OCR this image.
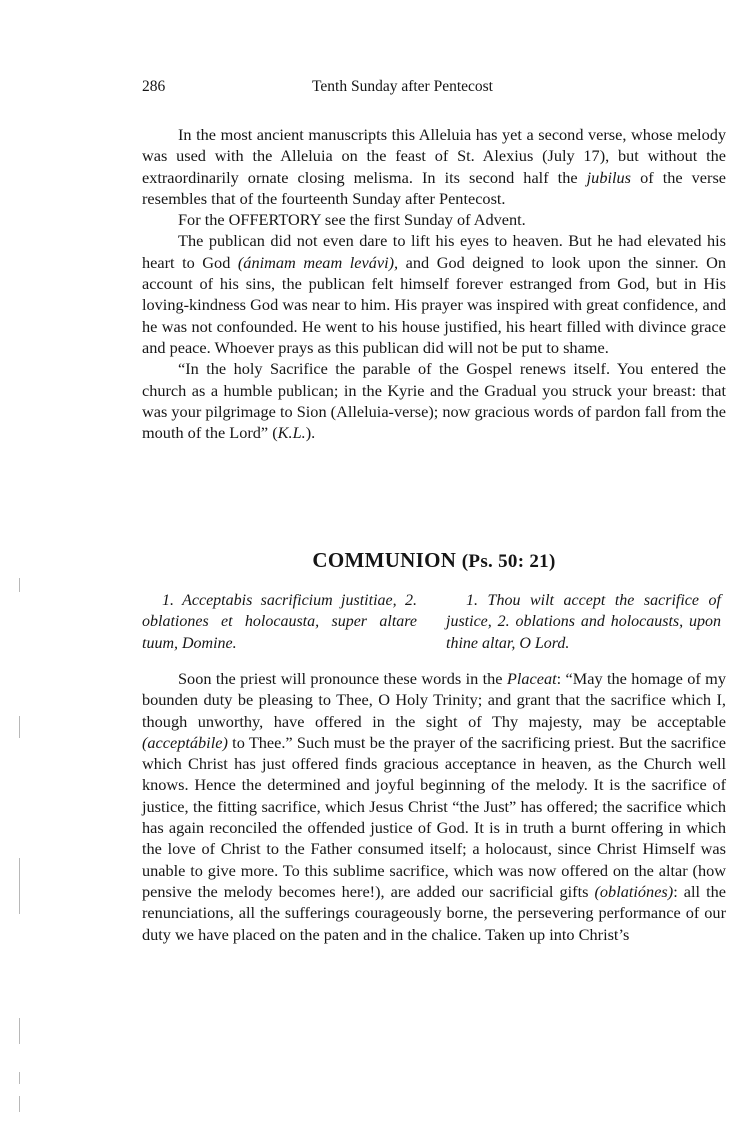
286	Tenth Sunday after Pentecost

In the most ancient manuscripts this Alleluia has yet a second verse, whose melody was used with the Alleluia on the feast of St. Alexius (July 17), but without the extraordinarily ornate closing melisma. In its second half the jubilus of the verse resembles that of the fourteenth Sunday after Pentecost.

For the OFFERTORY see the first Sunday of Advent.

The publican did not even dare to lift his eyes to heaven. But he had elevated his heart to God (ánimam meam levávi), and God deigned to look upon the sinner. On account of his sins, the publican felt himself forever estranged from God, but in His loving-kindness God was near to him. His prayer was inspired with great confidence, and he was not confounded. He went to his house justified, his heart filled with divince grace and peace. Whoever prays as this publican did will not be put to shame.

“In the holy Sacrifice the parable of the Gospel renews itself. You entered the church as a humble publican; in the Kyrie and the Gradual you struck your breast: that was your pilgrimage to Sion (Alleluia-verse); now gracious words of pardon fall from the mouth of the Lord” (K.L.).

COMMUNION (Ps. 50: 21)

1. Acceptabis sacrificium justitiae, 2. oblationes et holocausta, super altare tuum, Domine.

1. Thou wilt accept the sacrifice of justice, 2. oblations and holocausts, upon thine altar, O Lord.

Soon the priest will pronounce these words in the Placeat: “May the homage of my bounden duty be pleasing to Thee, O Holy Trinity; and grant that the sacrifice which I, though unworthy, have offered in the sight of Thy majesty, may be acceptable (acceptábile) to Thee.” Such must be the prayer of the sacrificing priest. But the sacrifice which Christ has just offered finds gracious acceptance in heaven, as the Church well knows. Hence the determined and joyful beginning of the melody. It is the sacrifice of justice, the fitting sacrifice, which Jesus Christ “the Just” has offered; the sacrifice which has again reconciled the offended justice of God. It is in truth a burnt offering in which the love of Christ to the Father consumed itself; a holocaust, since Christ Himself was unable to give more. To this sublime sacrifice, which was now offered on the altar (how pensive the melody becomes here!), are added our sacrificial gifts (oblatiónes): all the renunciations, all the sufferings courageously borne, the persevering performance of our duty we have placed on the paten and in the chalice. Taken up into Christ’s
